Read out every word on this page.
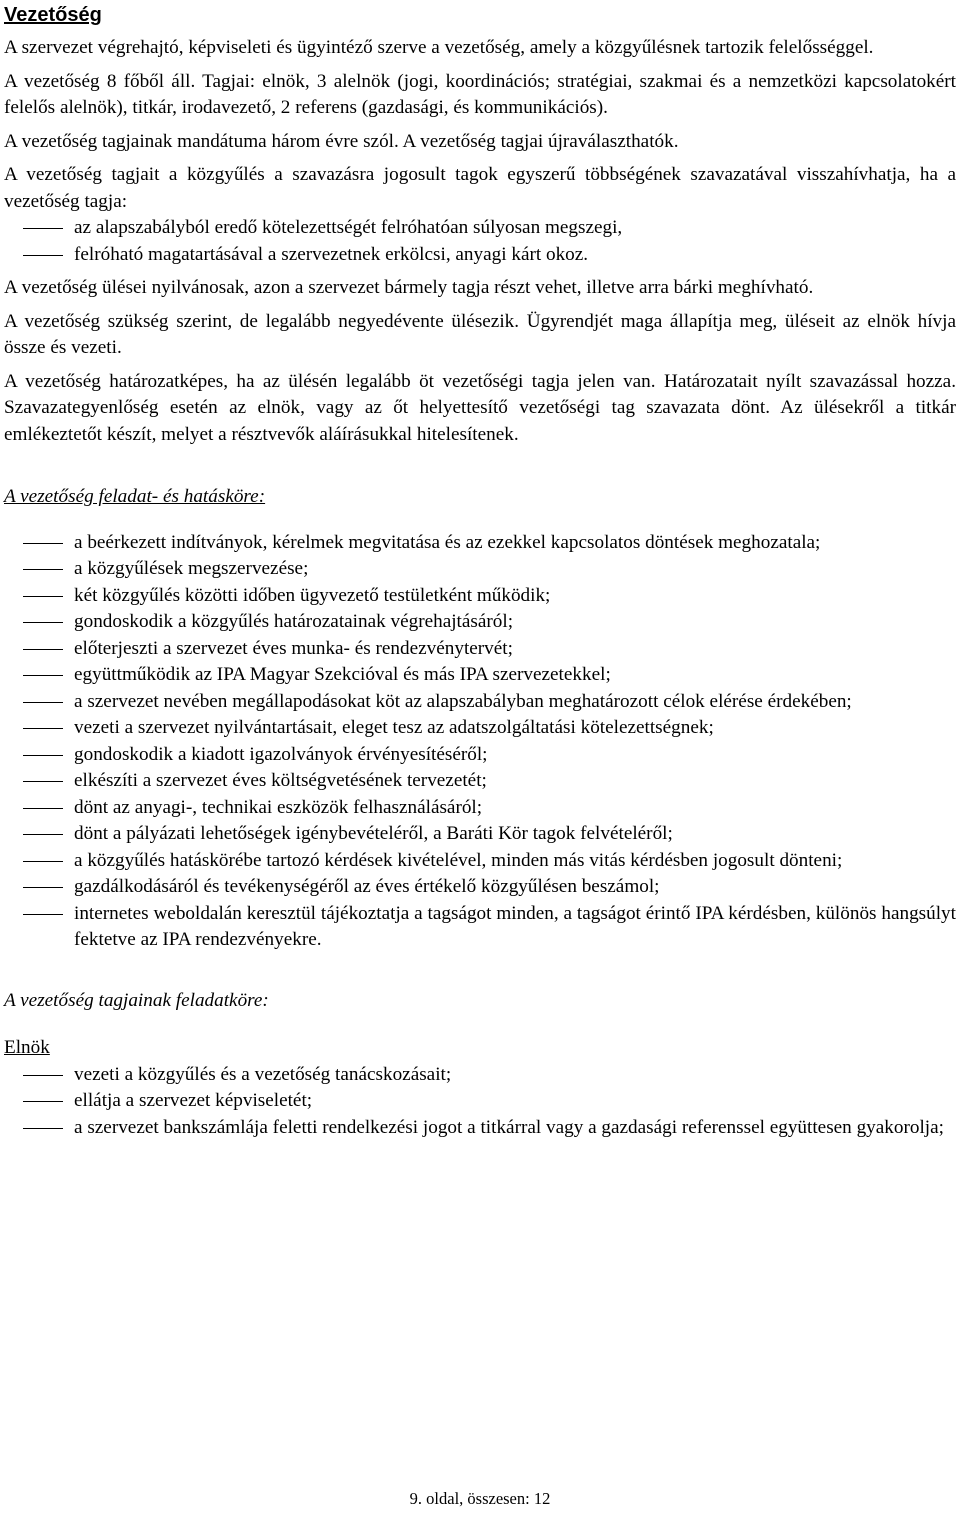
Vezetőség

A szervezet végrehajtó, képviseleti és ügyintéző szerve a vezetőség, amely a közgyűlésnek tartozik felelősséggel.

A vezetőség 8 főből áll. Tagjai: elnök, 3 alelnök (jogi, koordinációs; stratégiai, szakmai és a nemzetközi kapcsolatokért felelős alelnök), titkár, irodavezető, 2 referens (gazdasági, és kommunikációs).

A vezetőség tagjainak mandátuma három évre szól. A vezetőség tagjai újraválaszthatók.

A vezetőség tagjait a közgyűlés a szavazásra jogosult tagok egyszerű többségének szavazatával visszahívhatja, ha a vezetőség tagja:

az alapszabályból eredő kötelezettségét felróhatóan súlyosan megszegi,
felróható magatartásával a szervezetnek erkölcsi, anyagi kárt okoz.

A vezetőség ülései nyilvánosak, azon a szervezet bármely tagja részt vehet, illetve arra bárki meghívható.

A vezetőség szükség szerint, de legalább negyedévente ülésezik. Ügyrendjét maga állapítja meg, üléseit az elnök hívja össze és vezeti.

A vezetőség határozatképes, ha az ülésén legalább öt vezetőségi tagja jelen van. Határozatait nyílt szavazással hozza. Szavazategyenlőség esetén az elnök, vagy az őt helyettesítő vezetőségi tag szavazata dönt. Az ülésekről a titkár emlékeztetőt készít, melyet a résztvevők aláírásukkal hitelesítenek.

A vezetőség feladat- és hatásköre:

a beérkezett indítványok, kérelmek megvitatása és az ezekkel kapcsolatos döntések meghozatala;
a közgyűlések megszervezése;
két közgyűlés közötti időben ügyvezető testületként működik;
gondoskodik a közgyűlés határozatainak végrehajtásáról;
előterjeszti a szervezet éves munka- és rendezvénytervét;
együttműködik az IPA Magyar Szekcióval és más IPA szervezetekkel;
a szervezet nevében megállapodásokat köt az alapszabályban meghatározott célok elérése érdekében;
vezeti a szervezet nyilvántartásait, eleget tesz az adatszolgáltatási kötelezettségnek;
gondoskodik a kiadott igazolványok érvényesítéséről;
elkészíti a szervezet éves költségvetésének tervezetét;
dönt az anyagi-, technikai eszközök felhasználásáról;
dönt a pályázati lehetőségek igénybevételéről, a Baráti Kör tagok felvételéről;
a közgyűlés hatáskörébe tartozó kérdések kivételével, minden más vitás kérdésben jogosult dönteni;
gazdálkodásáról és tevékenységéről az éves értékelő közgyűlésen beszámol;
internetes weboldalán keresztül tájékoztatja a tagságot minden, a tagságot érintő IPA kérdésben, különös hangsúlyt fektetve az IPA rendezvényekre.

A vezetőség tagjainak feladatköre:

Elnök

vezeti a közgyűlés és a vezetőség tanácskozásait;
ellátja a szervezet képviseletét;
a szervezet bankszámlája feletti rendelkezési jogot a titkárral vagy a gazdasági referenssel együttesen gyakorolja;
9. oldal, összesen: 12
